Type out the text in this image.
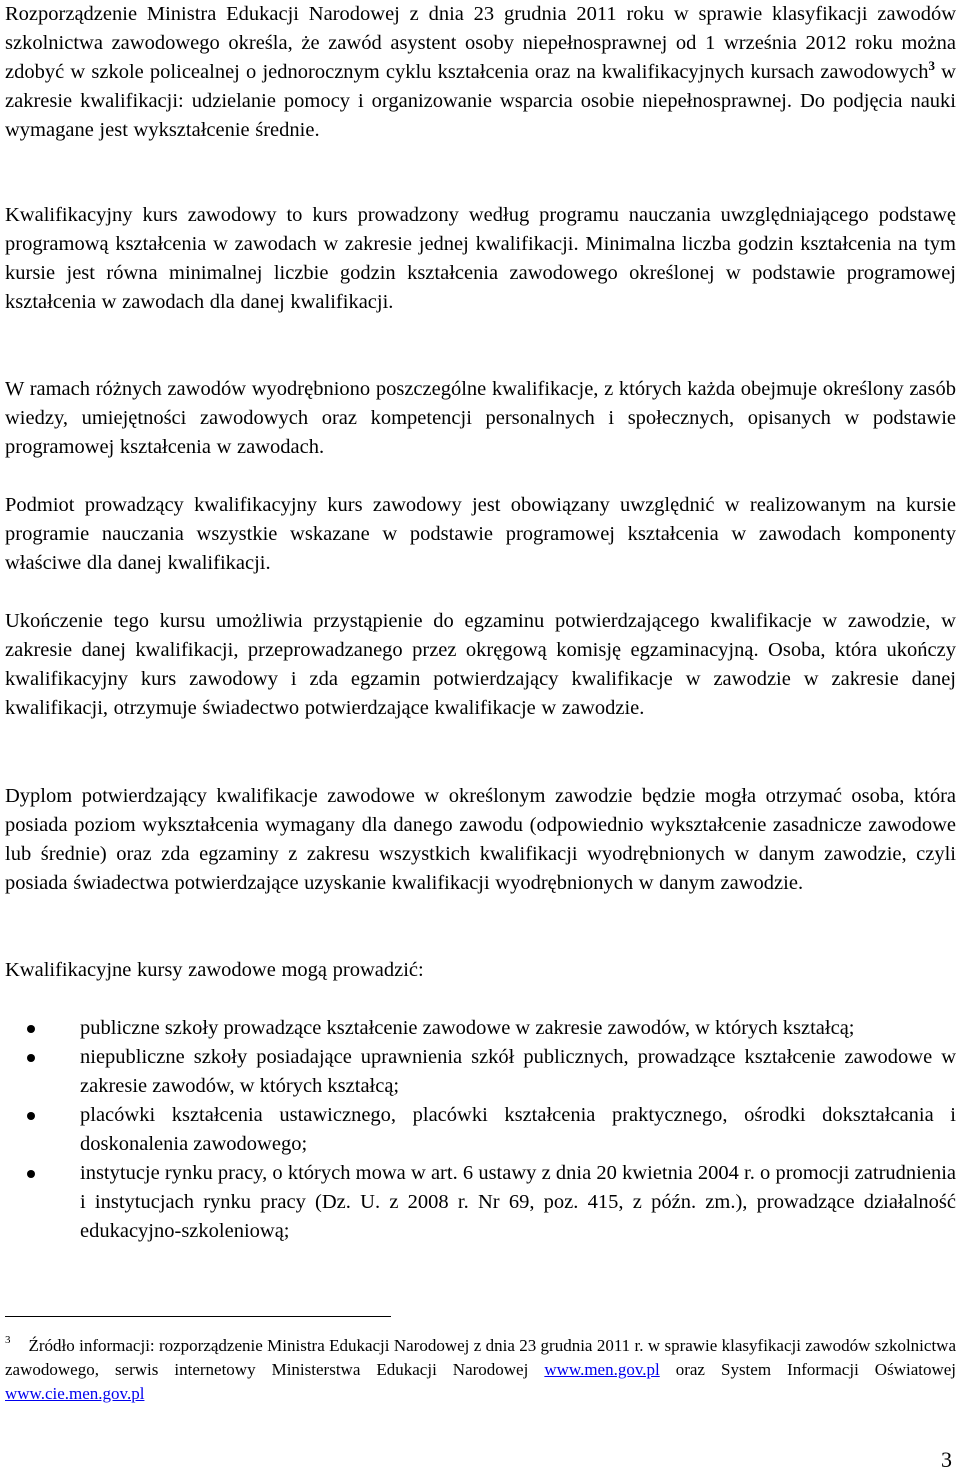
Rozporządzenie Ministra Edukacji Narodowej z dnia 23 grudnia 2011 roku w sprawie klasyfikacji zawodów szkolnictwa zawodowego określa, że zawód asystent osoby niepełnosprawnej od 1 września 2012 roku można zdobyć w szkole policealnej o jednorocznym cyklu kształcenia oraz na kwalifikacyjnych kursach zawodowych$^3$ w zakresie kwalifikacji: udzielanie pomocy i organizowanie wsparcia osobie niepełnosprawnej. Do podjęcia nauki wymagane jest wykształcenie średnie.

Kwalifikacyjny kurs zawodowy to kurs prowadzony według programu nauczania uwzględniającego podstawę programową kształcenia w zawodach w zakresie jednej kwalifikacji. Minimalna liczba godzin kształcenia na tym kursie jest równa minimalnej liczbie godzin kształcenia zawodowego określonej w podstawie programowej kształcenia w zawodach dla danej kwalifikacji.

W ramach różnych zawodów wyodrębniono poszczególne kwalifikacje, z których każda obejmuje określony zasób wiedzy, umiejętności zawodowych oraz kompetencji personalnych i społecznych, opisanych w podstawie programowej kształcenia w zawodach.

Podmiot prowadzący kwalifikacyjny kurs zawodowy jest obowiązany uwzględnić w realizowanym na kursie programie nauczania wszystkie wskazane w podstawie programowej kształcenia w zawodach komponenty właściwe dla danej kwalifikacji.

Ukończenie tego kursu umożliwia przystąpienie do egzaminu potwierdzającego kwalifikacje w zawodzie, w zakresie danej kwalifikacji, przeprowadzanego przez okręgową komisję egzaminacyjną. Osoba, która ukończy kwalifikacyjny kurs zawodowy i zda egzamin potwierdzający kwalifikacje w zawodzie w zakresie danej kwalifikacji, otrzymuje świadectwo potwierdzające kwalifikacje w zawodzie.

Dyplom potwierdzający kwalifikacje zawodowe w określonym zawodzie będzie mogła otrzymać osoba, która posiada poziom wykształcenia wymagany dla danego zawodu (odpowiednio wykształcenie zasadnicze zawodowe lub średnie) oraz zda egzaminy z zakresu wszystkich kwalifikacji wyodrębnionych w danym zawodzie, czyli posiada świadectwa potwierdzające uzyskanie kwalifikacji wyodrębnionych w danym zawodzie.

Kwalifikacyjne kursy zawodowe mogą prowadzić:

publiczne szkoły prowadzące kształcenie zawodowe w zakresie zawodów, w których kształcą;
niepubliczne szkoły posiadające uprawnienia szkół publicznych, prowadzące kształcenie zawodowe w zakresie zawodów, w których kształcą;
placówki kształcenia ustawicznego, placówki kształcenia praktycznego, ośrodki dokształcania i doskonalenia zawodowego;
instytucje rynku pracy, o których mowa w art. 6 ustawy z dnia 20 kwietnia 2004 r. o promocji zatrudnienia i instytucjach rynku pracy (Dz. U. z 2008 r. Nr 69, poz. 415, z późn. zm.), prowadzące działalność edukacyjno-szkoleniową;
$^3$ Źródło informacji: rozporządzenie Ministra Edukacji Narodowej z dnia 23 grudnia 2011 r. w sprawie klasyfikacji zawodów szkolnictwa zawodowego, serwis internetowy Ministerstwa Edukacji Narodowej www.men.gov.pl oraz System Informacji Oświatowej www.cie.men.gov.pl
3
